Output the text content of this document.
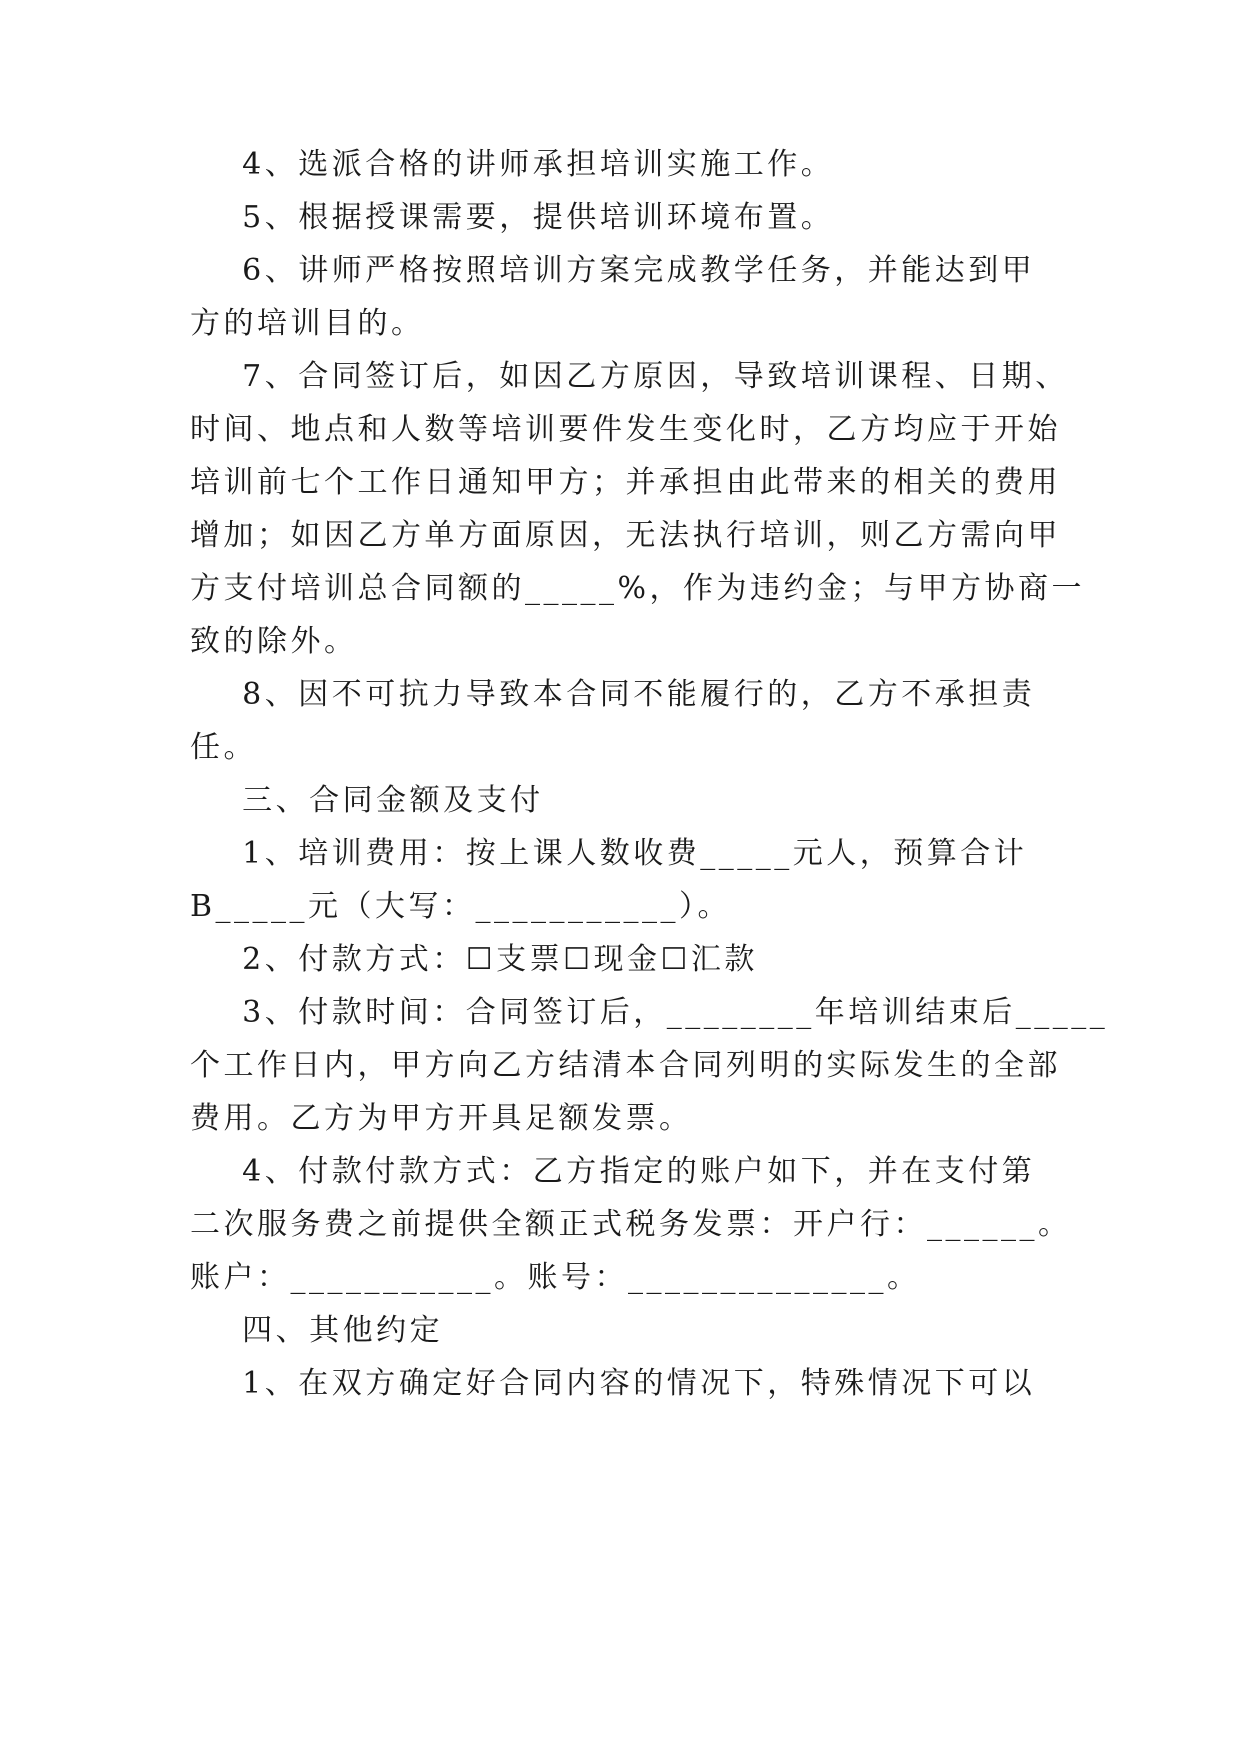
4、选派合格的讲师承担培训实施工作。
5、根据授课需要，提供培训环境布置。
6、讲师严格按照培训方案完成教学任务，并能达到甲
方的培训目的。
7、合同签订后，如因乙方原因，导致培训课程、日期、
时间、地点和人数等培训要件发生变化时，乙方均应于开始
培训前七个工作日通知甲方；并承担由此带来的相关的费用
增加；如因乙方单方面原因，无法执行培训，则乙方需向甲
方支付培训总合同额的_____%，作为违约金；与甲方协商一
致的除外。
8、因不可抗力导致本合同不能履行的，乙方不承担责
任。
三、合同金额及支付
1、培训费用：按上课人数收费_____元人，预算合计
B_____元（大写：___________）。
2、付款方式：☐支票☐现金☐汇款
3、付款时间：合同签订后，________年培训结束后_____
个工作日内，甲方向乙方结清本合同列明的实际发生的全部
费用。乙方为甲方开具足额发票。
4、付款付款方式：乙方指定的账户如下，并在支付第
二次服务费之前提供全额正式税务发票：开户行：______。
账户：___________。账号：______________。
四、其他约定
1、在双方确定好合同内容的情况下，特殊情况下可以
